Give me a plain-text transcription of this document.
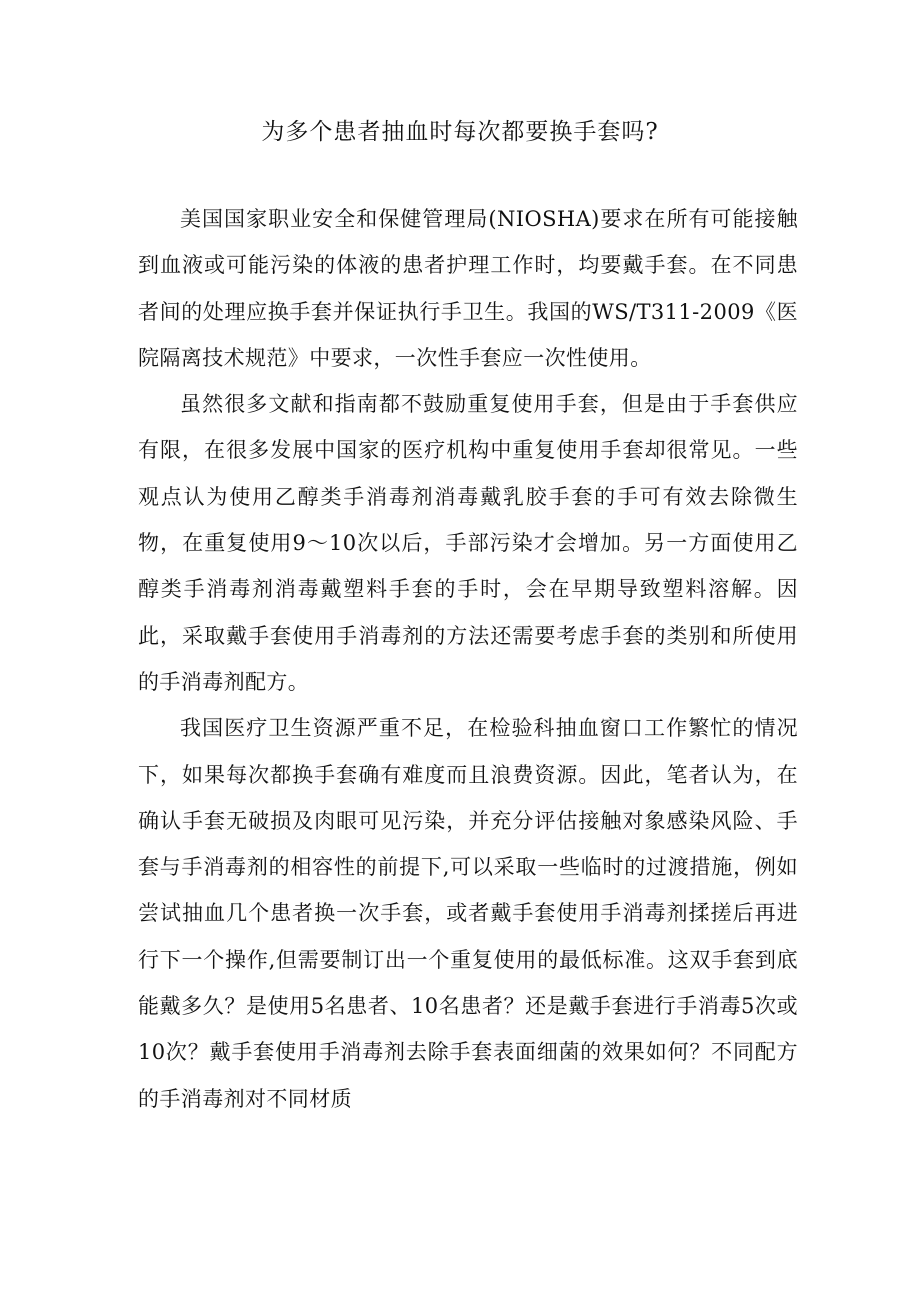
为多个患者抽血时每次都要换手套吗?

美国国家职业安全和保健管理局(NIOSHA)要求在所有可能接触到血液或可能污染的体液的患者护理工作时，均要戴手套。在不同患者间的处理应换手套并保证执行手卫生。我国的WS/T311-2009《医院隔离技术规范》中要求，一次性手套应一次性使用。

虽然很多文献和指南都不鼓励重复使用手套，但是由于手套供应有限，在很多发展中国家的医疗机构中重复使用手套却很常见。一些观点认为使用乙醇类手消毒剂消毒戴乳胶手套的手可有效去除微生物，在重复使用9～10次以后，手部污染才会增加。另一方面使用乙醇类手消毒剂消毒戴塑料手套的手时，会在早期导致塑料溶解。因此，采取戴手套使用手消毒剂的方法还需要考虑手套的类别和所使用的手消毒剂配方。

我国医疗卫生资源严重不足，在检验科抽血窗口工作繁忙的情况下，如果每次都换手套确有难度而且浪费资源。因此，笔者认为，在确认手套无破损及肉眼可见污染，并充分评估接触对象感染风险、手套与手消毒剂的相容性的前提下,可以采取一些临时的过渡措施，例如尝试抽血几个患者换一次手套，或者戴手套使用手消毒剂揉搓后再进行下一个操作,但需要制订出一个重复使用的最低标准。这双手套到底能戴多久？是使用5名患者、10名患者？还是戴手套进行手消毒5次或10次？戴手套使用手消毒剂去除手套表面细菌的效果如何？不同配方的手消毒剂对不同材质
